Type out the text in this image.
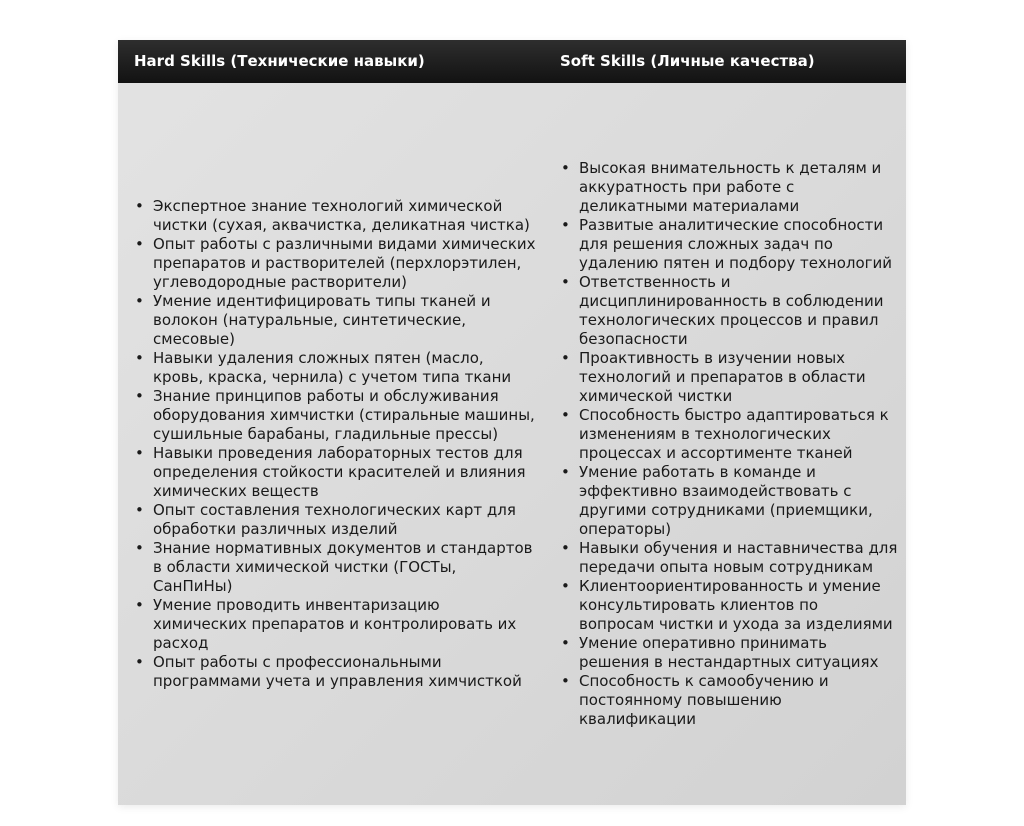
Hard Skills (Технические навыки)	Soft Skills (Личные качества)
• Экспертное знание технологий химической чистки (сухая, аквачистка, деликатная чистка)
• Опыт работы с различными видами химических препаратов и растворителей (перхлорэтилен, углеводородные растворители)
• Умение идентифицировать типы тканей и волокон (натуральные, синтетические, смесовые)
• Навыки удаления сложных пятен (масло, кровь, краска, чернила) с учетом типа ткани
• Знание принципов работы и обслуживания оборудования химчистки (стиральные машины, сушильные барабаны, гладильные прессы)
• Навыки проведения лабораторных тестов для определения стойкости красителей и влияния химических веществ
• Опыт составления технологических карт для обработки различных изделий
• Знание нормативных документов и стандартов в области химической чистки (ГОСТы, СанПиНы)
• Умение проводить инвентаризацию химических препаратов и контролировать их расход
• Опыт работы с профессиональными программами учета и управления химчисткой
• Высокая внимательность к деталям и аккуратность при работе с деликатными материалами
• Развитые аналитические способности для решения сложных задач по удалению пятен и подбору технологий
• Ответственность и дисциплинированность в соблюдении технологических процессов и правил безопасности
• Проактивность в изучении новых технологий и препаратов в области химической чистки
• Способность быстро адаптироваться к изменениям в технологических процессах и ассортименте тканей
• Умение работать в команде и эффективно взаимодействовать с другими сотрудниками (приемщики, операторы)
• Навыки обучения и наставничества для передачи опыта новым сотрудникам
• Клиентоориентированность и умение консультировать клиентов по вопросам чистки и ухода за изделиями
• Умение оперативно принимать решения в нестандартных ситуациях
• Способность к самообучению и постоянному повышению квалификации
